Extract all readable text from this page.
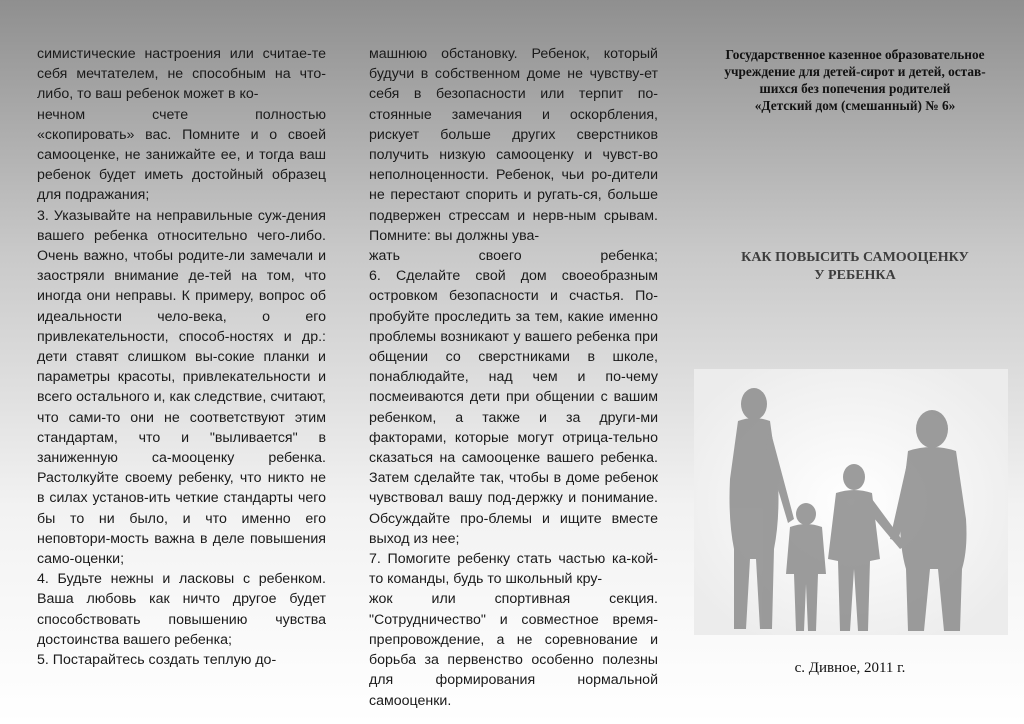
симистические настроения или считае-те себя мечтателем, не способным на что-либо, то ваш ребенок может в ко-

нечном счете полностью

«скопировать» вас. Помните и о своей самооценке, не занижайте ее, и тогда ваш ребенок будет иметь достойный образец для подражания;

3. Указывайте на неправильные суж-дения вашего ребенка относительно чего-либо. Очень важно, чтобы родите-ли замечали и заостряли внимание де-тей на том, что иногда они неправы. К примеру, вопрос об идеальности чело-века, о его привлекательности, способ-ностях и др.: дети ставят слишком вы-сокие планки и параметры красоты, привлекательности и всего остального и, как следствие, считают, что сами-то они не соответствуют этим стандартам, что и "выливается" в заниженную са-мооценку ребенка. Растолкуйте своему ребенку, что никто не в силах установ-ить четкие стандарты чего бы то ни было, и что именно его неповтори-мость важна в деле повышения само-оценки;

4. Будьте нежны и ласковы с ребенком. Ваша любовь как ничто другое будет способствовать повышению чувства достоинства вашего ребенка;

5. Постарайтесь создать теплую до-

машнюю обстановку. Ребенок, который будучи в собственном доме не чувству-ет себя в безопасности или терпит по-стоянные замечания и оскорбления, рискует больше других сверстников получить низкую самооценку и чувст-во неполноценности. Ребенок, чьи ро-дители не перестают спорить и ругать-ся, больше подвержен стрессам и нерв-ным срывам. Помните: вы должны ува-

жать своего ребенка;

6. Сделайте свой дом своеобразным островком безопасности и счастья. По-пробуйте проследить за тем, какие именно проблемы возникают у вашего ребенка при общении со сверстниками в школе, понаблюдайте, над чем и по-чему посмеиваются дети при общении с вашим ребенком, а также и за други-ми факторами, которые могут отрица-тельно сказаться на самооценке вашего ребенка. Затем сделайте так, чтобы в доме ребенок чувствовал вашу под-держку и понимание. Обсуждайте про-блемы и ищите вместе выход из нее;

7. Помогите ребенку стать частью ка-кой-то команды, будь то школьный кру-

жок или спортивная секция.

"Сотрудничество" и совместное время-препровождение, а не соревнование и борьба за первенство особенно полезны для формирования нормальной самооценки.

Государственное казенное образовательное
учреждение для детей-сирот и детей, остав-
шихся без попечения родителей
«Детский дом (смешанный) № 6»
КАК ПОВЫСИТЬ САМООЦЕНКУ
У РЕБЕНКА
с. Дивное, 2011 г.
